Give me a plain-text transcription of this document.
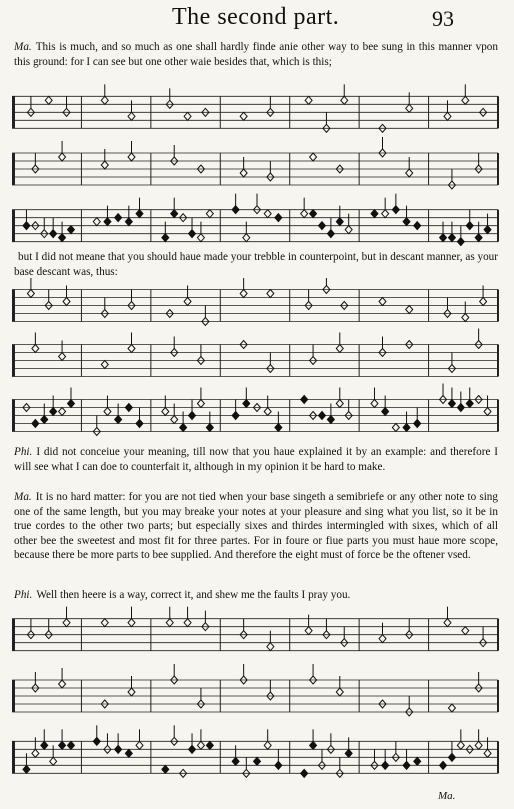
The second part.	93

Ma. This is much, and so much as one shall hardly finde anie other way to bee sung in this manner vpon this ground: for I can see but one other waie besides that, which is this;

but I did not meane that you should haue made your trebble in counterpoint, but in descant manner, as your base descant was, thus:

Phi. I did not conceiue your meaning, till now that you haue explained it by an example: and therefore I will see what I can doe to counterfait it, although in my opinion it be hard to make.

Ma. It is no hard matter: for you are not tied when your base singeth a semibriefe or any other note to sing one of the same length, but you may breake your notes at your pleasure and sing what you list, so it be in true cordes to the other two parts; but especially sixes and thirdes intermingled with sixes, which of all other bee the sweetest and most fit for three partes. For in foure or fiue parts you must haue more scope, because there be more parts to bee supplied. And therefore the eight must of force be the oftener vsed.

Phi. Well then heere is a way, correct it, and shew me the faults I pray you.

Ma.
